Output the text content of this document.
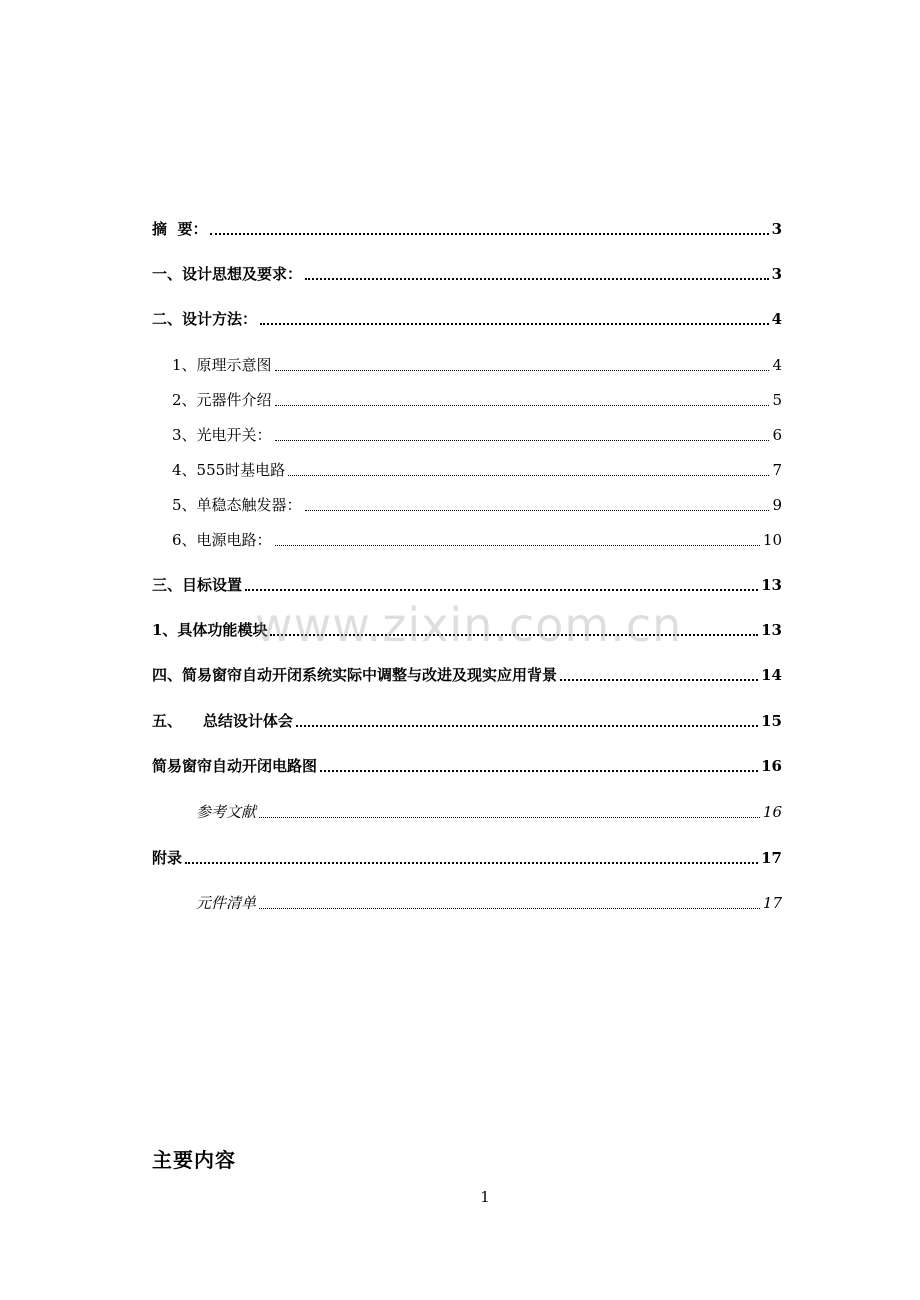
摘  要：	3
一、设计思想及要求：	3
二、设计方法：	4
1、原理示意图	4
2、元器件介绍	5
3、光电开关：	6
4、555时基电路	7
5、单稳态触发器：	9
6、电源电路：	10
三、目标设置	13
1、具体功能模块	13
四、简易窗帘自动开闭系统实际中调整与改进及现实应用背景	14
五、    总结设计体会	15
简易窗帘自动开闭电路图	16
参考文献	16
附录	17
元件清单	17
www.zixin.com.cn
主要内容
1
